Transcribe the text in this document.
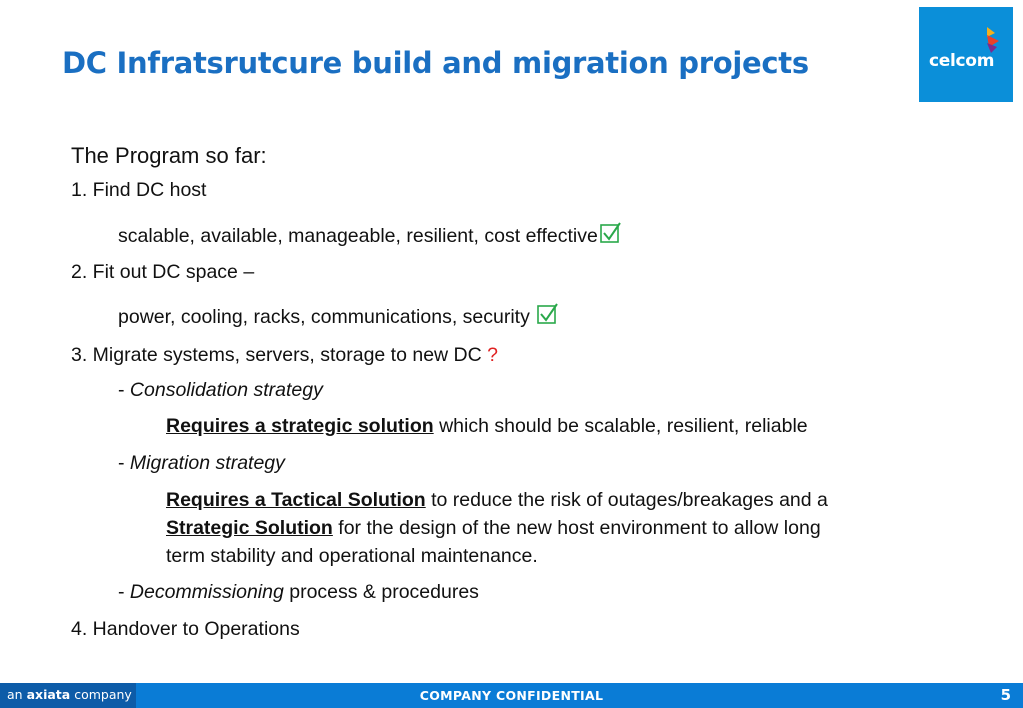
DC Infratsrutcure build and migration projects	celcom
The Program so far:
1. Find DC host
scalable, available, manageable, resilient, cost effective
2. Fit out DC space –
power, cooling, racks, communications, security
3. Migrate systems, servers, storage to new DC ?
- Consolidation strategy
Requires a strategic solution which should be scalable, resilient, reliable
- Migration strategy
Requires a Tactical Solution to reduce the risk of outages/breakages and a
Strategic Solution for the design of the new host environment to allow long
term stability and operational maintenance.
- Decommissioning process & procedures
4. Handover to Operations
COMPANY CONFIDENTIAL
an axiata company	5
